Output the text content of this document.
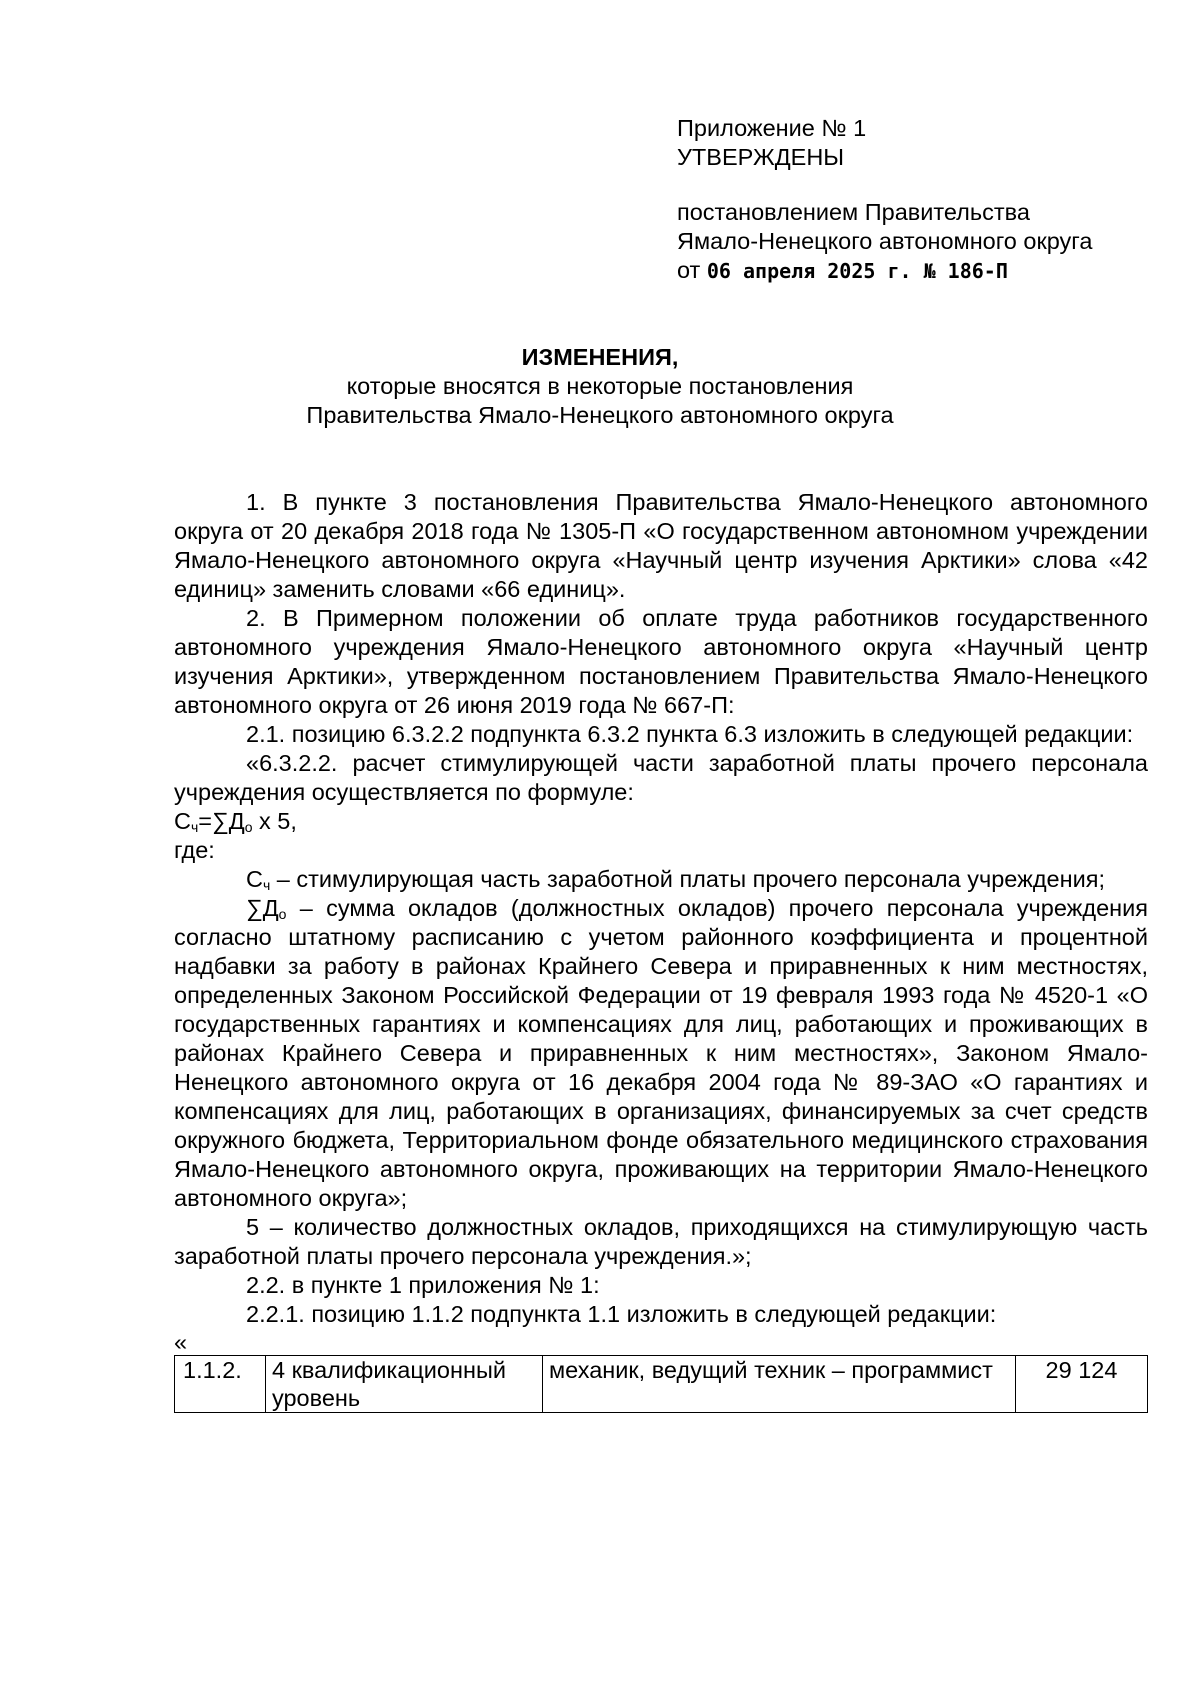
Приложение № 1
УТВЕРЖДЕНЫ
постановлением Правительства
Ямало-Ненецкого автономного округа
от 06 апреля 2025 г. № 186-П
ИЗМЕНЕНИЯ,
которые вносятся в некоторые постановления
Правительства Ямало-Ненецкого автономного округа

1. В пункте 3 постановления Правительства Ямало-Ненецкого автономного округа от 20 декабря 2018 года № 1305-П «О государственном автономном учреждении Ямало-Ненецкого автономного округа «Научный центр изучения Арктики» слова «42 единиц» заменить словами «66 единиц».

2. В Примерном положении об оплате труда работников государственного автономного учреждения Ямало-Ненецкого автономного округа «Научный центр изучения Арктики», утвержденном постановлением Правительства Ямало-Ненецкого автономного округа от 26 июня 2019 года № 667-П:

2.1. позицию 6.3.2.2 подпункта 6.3.2 пункта 6.3 изложить в следующей редакции:

«6.3.2.2. расчет стимулирующей части заработной платы прочего персонала учреждения осуществляется по формуле:

$С_ч=\sum Д_о$ х 5,

где:

$С_ч$ – стимулирующая часть заработной платы прочего персонала учреждения;

$\sum Д_о$ – сумма окладов (должностных окладов) прочего персонала учреждения согласно штатному расписанию с учетом районного коэффициента и процентной надбавки за работу в районах Крайнего Севера и приравненных к ним местностях, определенных Законом Российской Федерации от 19 февраля 1993 года № 4520-1 «О государственных гарантиях и компенсациях для лиц, работающих и проживающих в районах Крайнего Севера и приравненных к ним местностях», Законом Ямало-Ненецкого автономного округа от 16 декабря 2004 года № 89-ЗАО «О гарантиях и компенсациях для лиц, работающих в организациях, финансируемых за счет средств окружного бюджета, Территориальном фонде обязательного медицинского страхования Ямало-Ненецкого автономного округа, проживающих на территории Ямало-Ненецкого автономного округа»;

5 – количество должностных окладов, приходящихся на стимулирующую часть заработной платы прочего персонала учреждения.»;

2.2. в пункте 1 приложения № 1:

2.2.1. позицию 1.1.2 подпункта 1.1 изложить в следующей редакции:

«

1.1.2.	4 квалификационный уровень	механик, ведущий техник – программист	29 124
